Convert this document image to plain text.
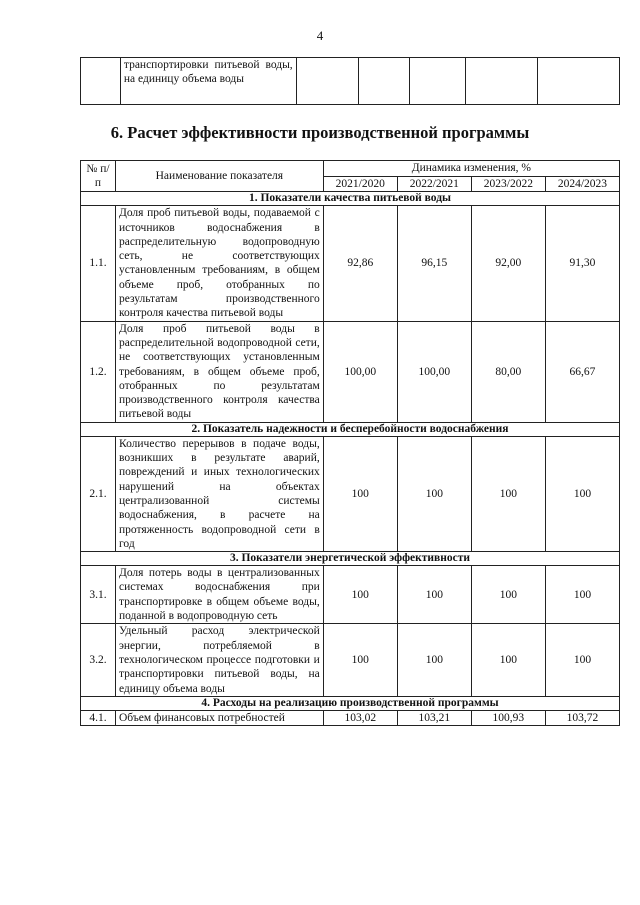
4
	транспортировки питьевой воды, на единицу объема воды					
6. Расчет эффективности производственной программы
№ п/п	Наименование показателя	Динамика изменения, %			
		2021/2020	2022/2021	2023/2022	2024/2023
1. Показатели качества питьевой воды					
1.1.	Доля проб питьевой воды, подаваемой с источников водоснабжения в распределительную водопроводную сеть, не соответствующих установленным требованиям, в общем объеме проб, отобранных по результатам производственного контроля качества питьевой воды	92,86	96,15	92,00	91,30
1.2.	Доля проб питьевой воды в распределительной водопроводной сети, не соответствующих установленным требованиям, в общем объеме проб, отобранных по результатам производственного контроля качества питьевой воды	100,00	100,00	80,00	66,67
2. Показатель надежности и бесперебойности водоснабжения					
2.1.	Количество перерывов в подаче воды, возникших в результате аварий, повреждений и иных технологических нарушений на объектах централизованной системы водоснабжения, в расчете на протяженность водопроводной сети в год	100	100	100	100
3. Показатели энергетической эффективности					
3.1.	Доля потерь воды в централизованных системах водоснабжения при транспортировке в общем объеме воды, поданной в водопроводную сеть	100	100	100	100
3.2.	Удельный расход электрической энергии, потребляемой в технологическом процессе подготовки и транспортировки питьевой воды, на единицу объема воды	100	100	100	100
4. Расходы на реализацию производственной программы					
4.1.	Объем финансовых потребностей	103,02	103,21	100,93	103,72
